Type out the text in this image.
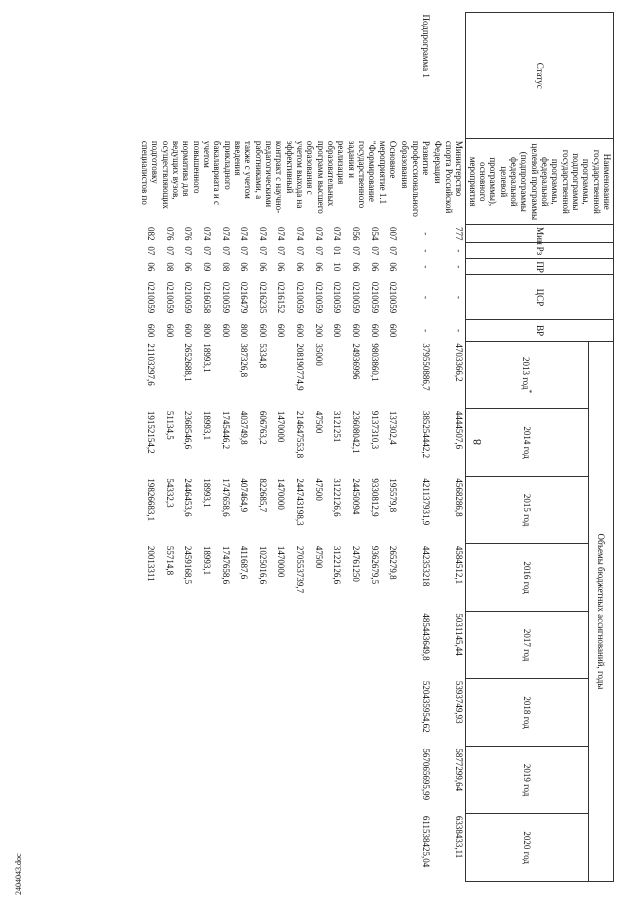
8
2404043.doc
Статус	Наименование государственной программы, подпрограммы государственной программы, федеральной целевой программы (подпрограммы федеральной целевой программы), основного мероприятия	Мин	Рз	ПР	ЦСР	ВР	Объемы бюджетных ассигнований, годы							
							2013 год*	2014 год	2015 год	2016 год	2017 год	2018 год	2019 год	2020 год
	Министерство спорта Российской Федерации	777	-	-	-	-	4703366,2	4444507,6	4568286,8	4584512,1	5031145,44	5393749,93	5877299,64	6338433,11
Подпрограмма 1	Развитие профессионального образования	-	-	-	-	-	379550886,7	385254442,2	421137931,9	442353218	485443649,8	520435954,62	567065695,99	611538425,04
	Основное мероприятие 1.1 "Формирование государственного задания и реализация образовательных программ высшего образования с учетом выхода на эффективный контракт с научно-педагогическими работниками, а также с учетом введения прикладного бакалавриата и с учетом повышенного норматива для ведущих вузов, осуществляющих подготовку специалистов по	007	07	06	0210059	600		137302,4	195579,8	265279,8				
		054	07	06	0210059	600	9803860,1	9137310,3	9330812,9	9362679,5				
		056	07	06	0210059	600	24936996	23608042,1	24450094	24761250				
		074	01	10	0210059	600		3121251	3122126,6	3122126,6				
		074	07	06	0210059	200	35000	47500	47500	47500				
		074	07	06	0210059	600	208190774,9	214647553,8	244743198,3	270553739,7				
		074	07	06	0216152	600		1470000	1470000	1470000				
		074	07	06	0216235	600	5334,8	606763,2	822685,7	1025016,6				
		074	07	06	0216479	800	387326,8	403749,8	407464,9	411687,6				
		074	07	08	0210059	600		1745446,2	1747658,6	1747658,6				
		074	07	09	0216058	800	18993,1	18993,1	18993,1	18993,1				
		076	07	06	0210059	600	2652688,1	2368546,6	2446453,6	2459168,5				
		076	07	08	0210059	600		51134,5	54332,3	55714,8				
		082	07	06	0210059	600	21103297,6	19152154,2	19826683,1	20013311				
